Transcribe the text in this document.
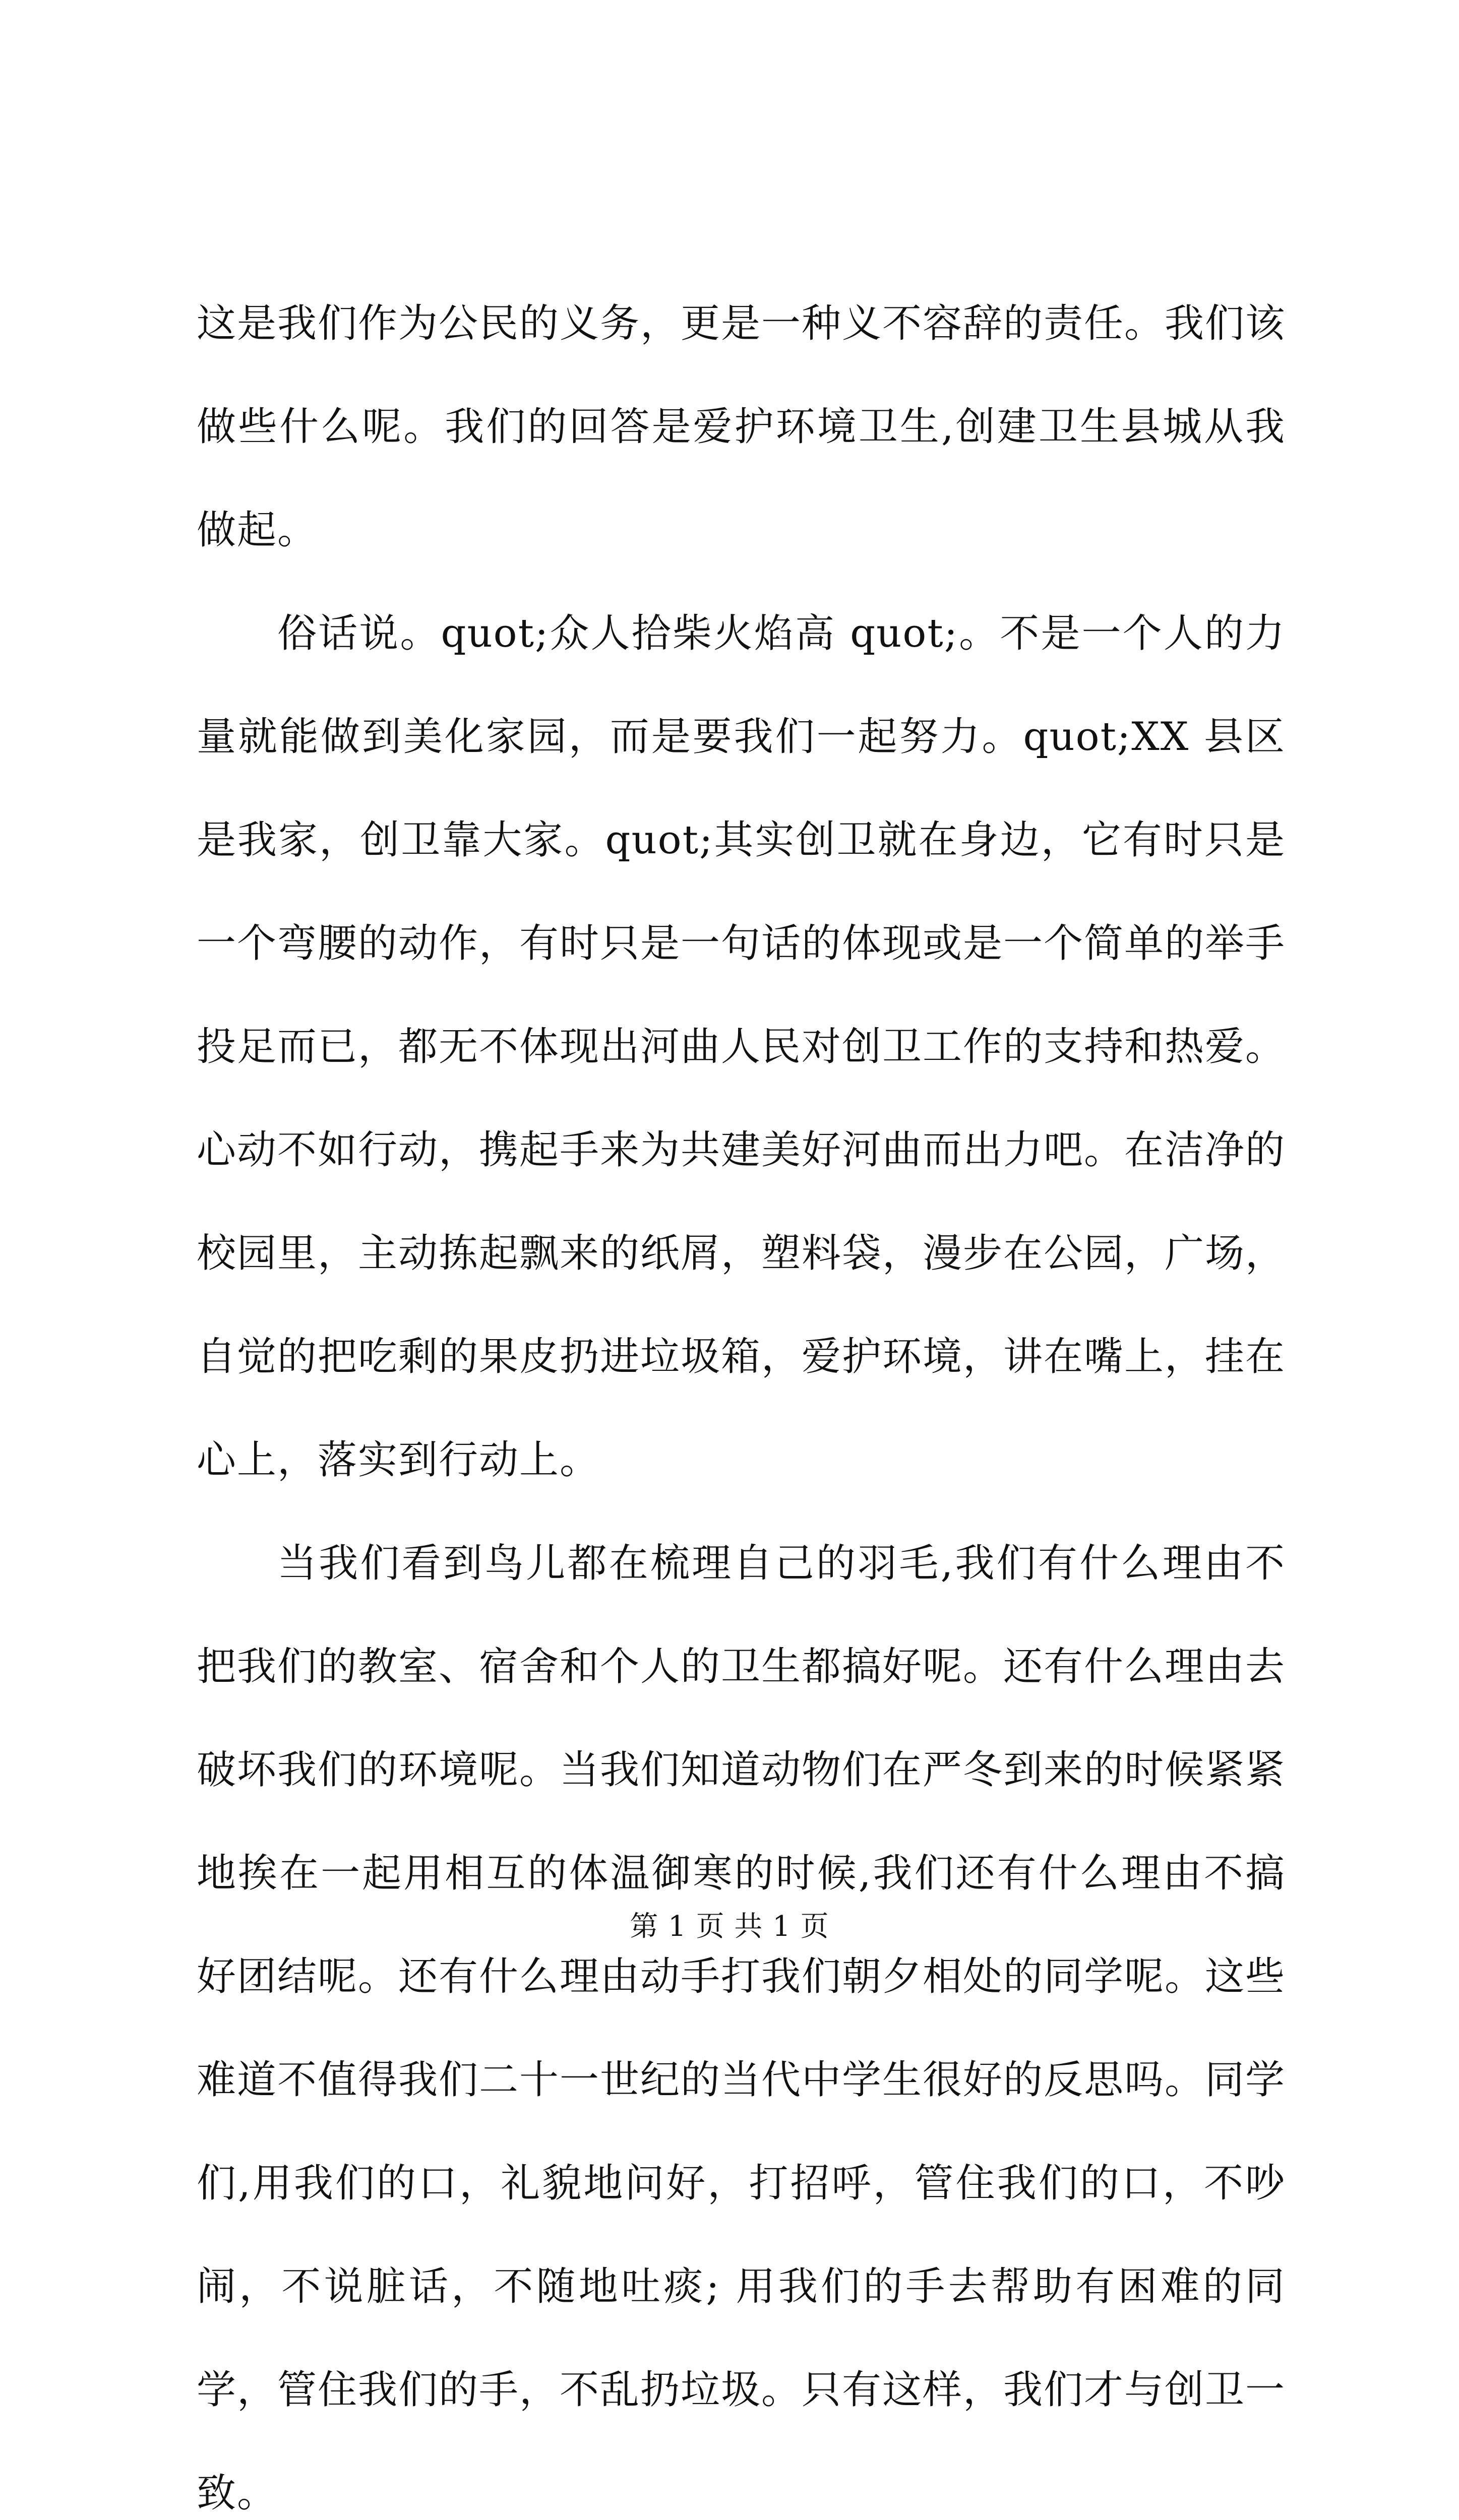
这是我们作为公民的义务，更是一种义不容辞的责任。我们该做些什么呢。我们的回答是爱护环境卫生,创建卫生县城从我做起。

俗话说。quot;众人拾柴火焰高 quot;。不是一个人的力量就能做到美化家园，而是要我们一起努力。quot;XX 县区是我家，创卫靠大家。quot;其实创卫就在身边，它有时只是一个弯腰的动作，有时只是一句话的体现或是一个简单的举手投足而已，都无不体现出河曲人民对创卫工作的支持和热爱。心动不如行动，携起手来为共建美好河曲而出力吧。在洁净的校园里，主动拣起飘来的纸屑，塑料袋，漫步在公园，广场，自觉的把吃剩的果皮扔进垃圾箱，爱护环境，讲在嘴上，挂在心上，落实到行动上。

当我们看到鸟儿都在梳理自己的羽毛,我们有什么理由不把我们的教室、宿舍和个人的卫生都搞好呢。还有什么理由去破坏我们的环境呢。当我们知道动物们在严冬到来的时候紧紧地挨在一起用相互的体温御寒的时候,我们还有什么理由不搞好团结呢。还有什么理由动手打我们朝夕相处的同学呢。这些难道不值得我们二十一世纪的当代中学生很好的反思吗。同学们,用我们的口，礼貌地问好，打招呼，管住我们的口，不吵闹，不说脏话，不随地吐痰; 用我们的手去帮助有困难的同学，管住我们的手，不乱扔垃圾。只有这样，我们才与创卫一致。

第 1 页 共 1 页
